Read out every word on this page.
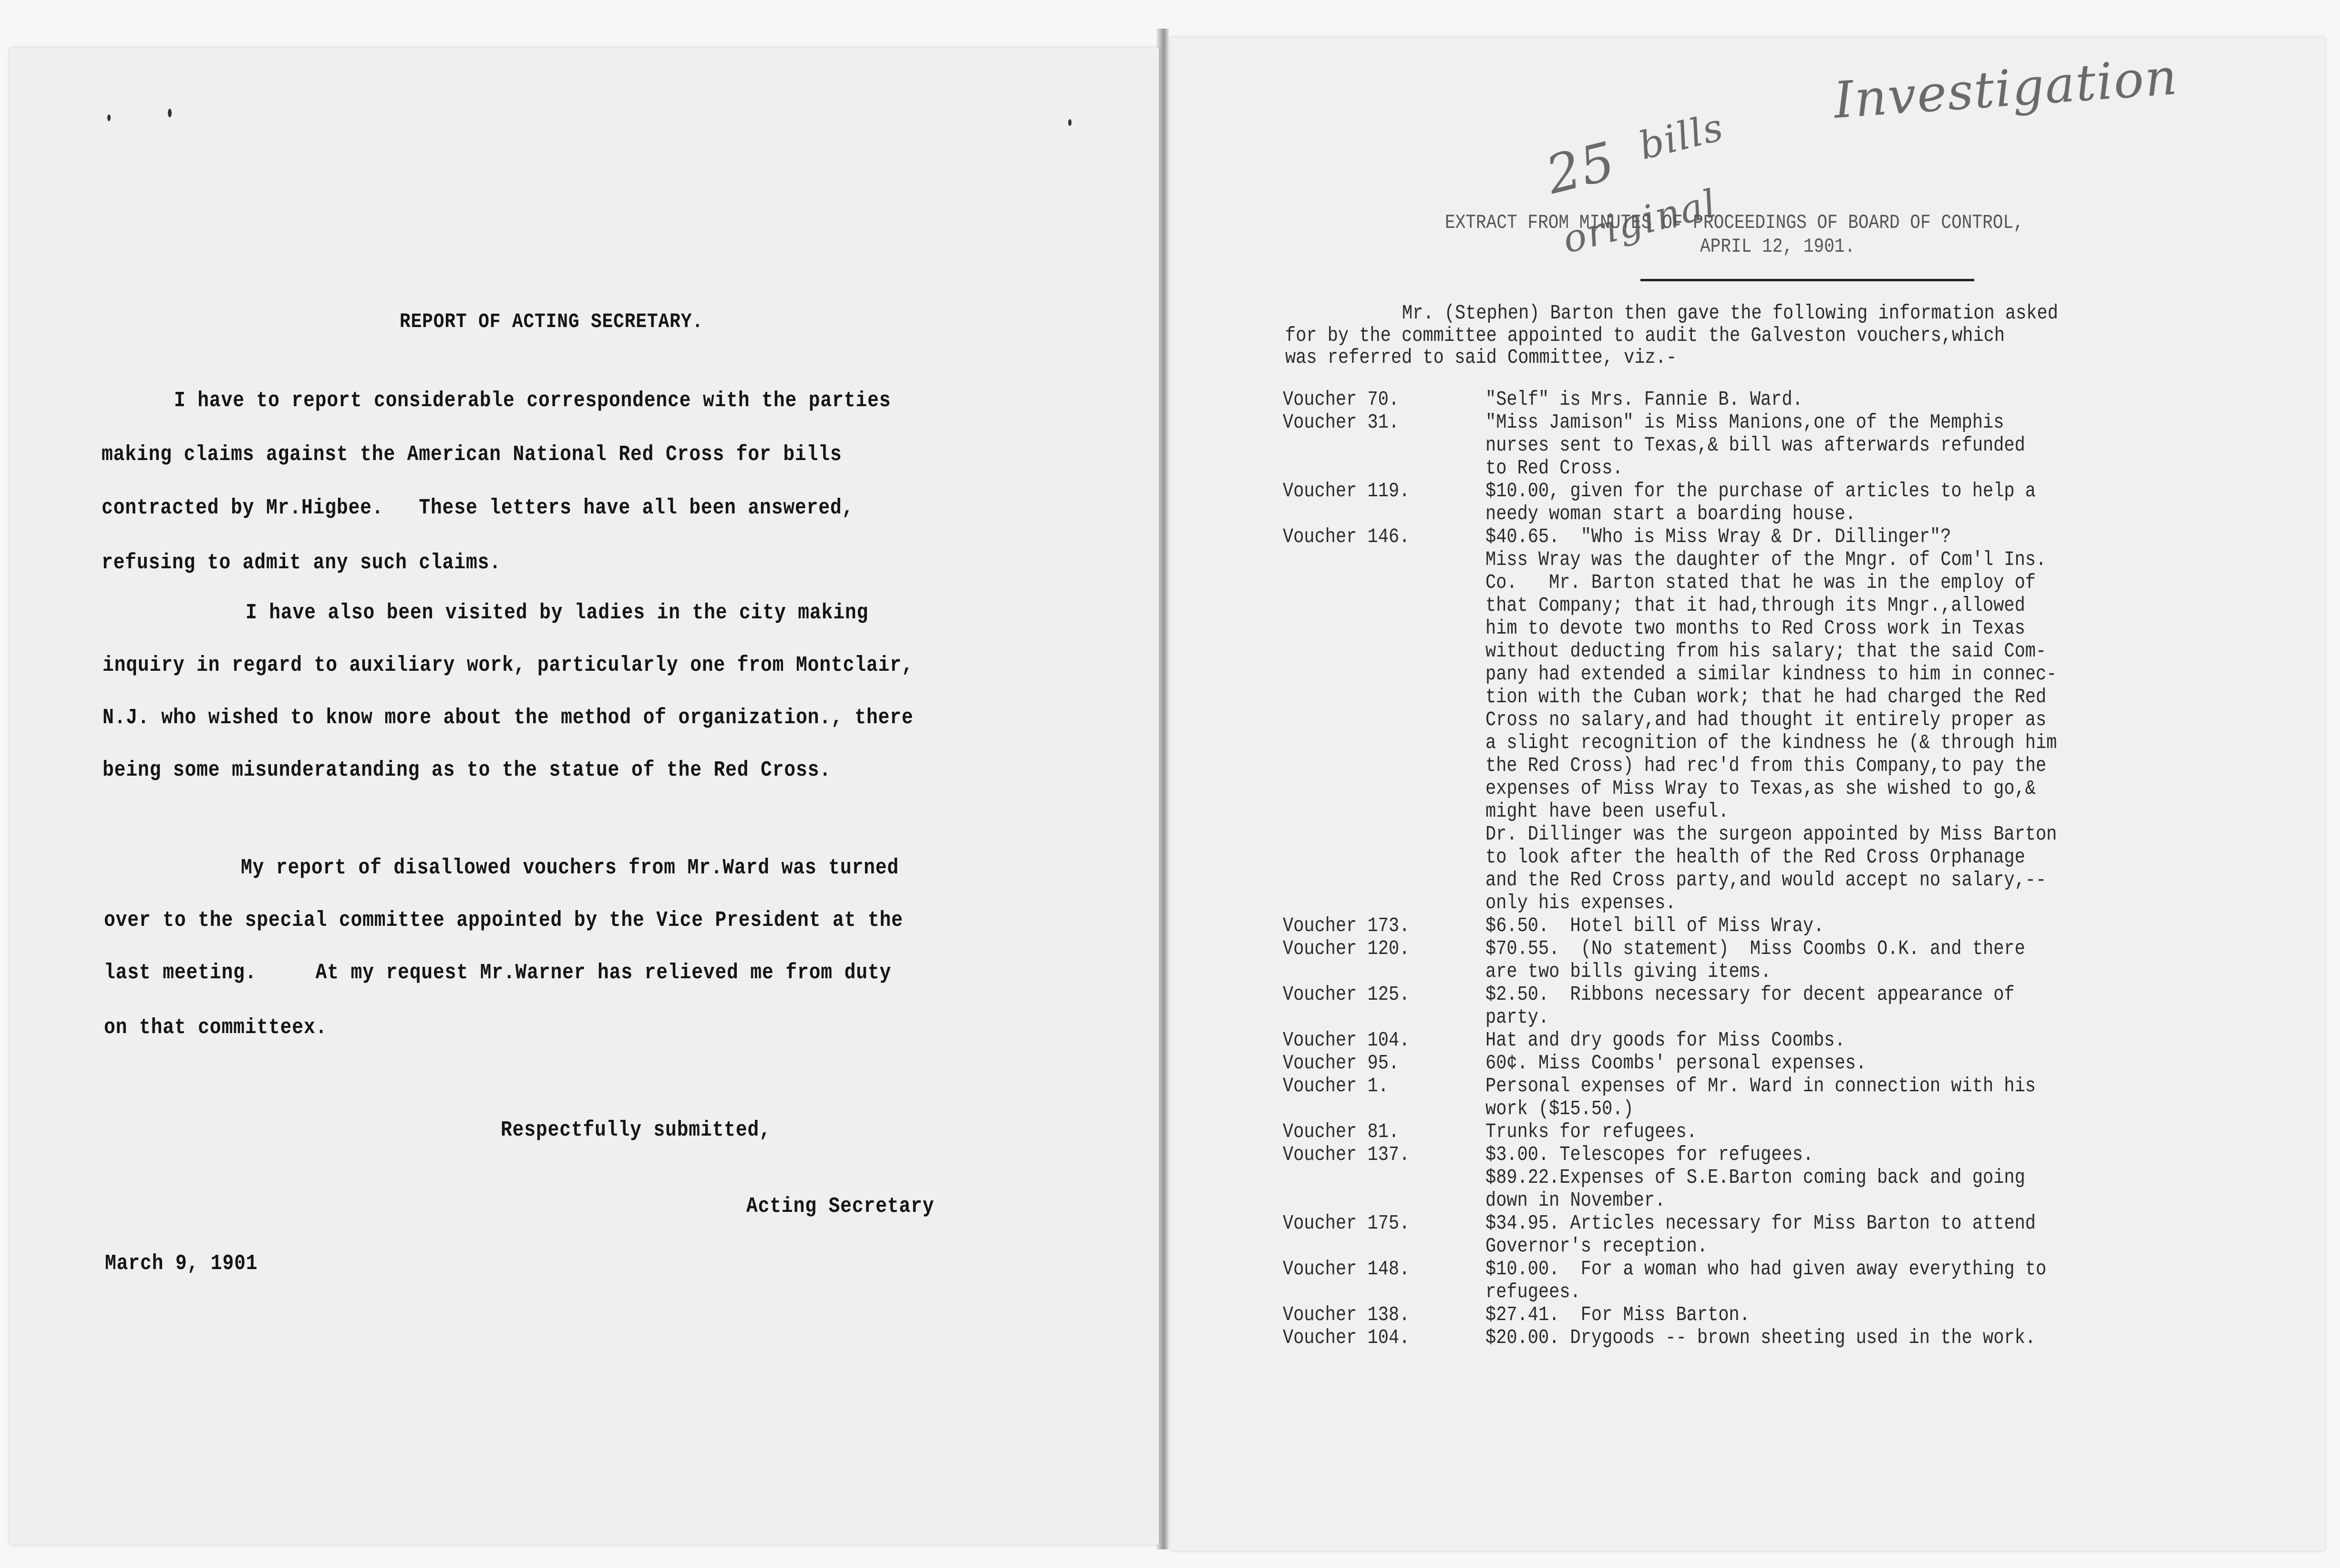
REPORT OF ACTING SECRETARY.
I have to report considerable correspondence with the parties
making claims against the American National Red Cross for bills
contracted by Mr.Higbee.   These letters have all been answered,
refusing to admit any such claims.
I have also been visited by ladies in the city making
inquiry in regard to auxiliary work, particularly one from Montclair,
N.J. who wished to know more about the method of organization., there
being some misunderatanding as to the statue of the Red Cross.
My report of disallowed vouchers from Mr.Ward was turned
over to the special committee appointed by the Vice President at the
last meeting.     At my request Mr.Warner has relieved me from duty
on that committeex.
Respectfully submitted,
Acting Secretary
March 9, 1901

25
original

bills
Investigation
EXTRACT FROM MINUTES OF PROCEEDINGS OF BOARD OF CONTROL,
APRIL 12, 1901.
Mr. (Stephen) Barton then gave the following information asked
for by the committee appointed to audit the Galveston vouchers,which
was referred to said Committee, viz.-
Voucher 70.	"Self" is Mrs. Fannie B. Ward.
Voucher 31.	"Miss Jamison" is Miss Manions,one of the Memphis
nurses sent to Texas,& bill was afterwards refunded
to Red Cross.
Voucher 119.	$10.00, given for the purchase of articles to help a
needy woman start a boarding house.
Voucher 146.	$40.65.  "Who is Miss Wray & Dr. Dillinger"?
Miss Wray was the daughter of the Mngr. of Com'l Ins.
Co.   Mr. Barton stated that he was in the employ of
that Company; that it had,through its Mngr.,allowed
him to devote two months to Red Cross work in Texas
without deducting from his salary; that the said Com-
pany had extended a similar kindness to him in connec-
tion with the Cuban work; that he had charged the Red
Cross no salary,and had thought it entirely proper as
a slight recognition of the kindness he (& through him
the Red Cross) had rec'd from this Company,to pay the
expenses of Miss Wray to Texas,as she wished to go,&
might have been useful.
Dr. Dillinger was the surgeon appointed by Miss Barton
to look after the health of the Red Cross Orphanage
and the Red Cross party,and would accept no salary,--
only his expenses.
Voucher 173.	$6.50.  Hotel bill of Miss Wray.
Voucher 120.	$70.55.  (No statement)  Miss Coombs O.K. and there
are two bills giving items.
Voucher 125.	$2.50.  Ribbons necessary for decent appearance of
party.
Voucher 104.	Hat and dry goods for Miss Coombs.
Voucher 95.	60¢. Miss Coombs' personal expenses.
Voucher 1.	Personal expenses of Mr. Ward in connection with his
work ($15.50.)
Voucher 81.	Trunks for refugees.
Voucher 137.	$3.00. Telescopes for refugees.
$89.22.Expenses of S.E.Barton coming back and going
down in November.
Voucher 175.	$34.95. Articles necessary for Miss Barton to attend
Governor's reception.
Voucher 148.	$10.00.  For a woman who had given away everything to
refugees.
Voucher 138.	$27.41.  For Miss Barton.
Voucher 104.	$20.00. Drygoods -- brown sheeting used in the work.
